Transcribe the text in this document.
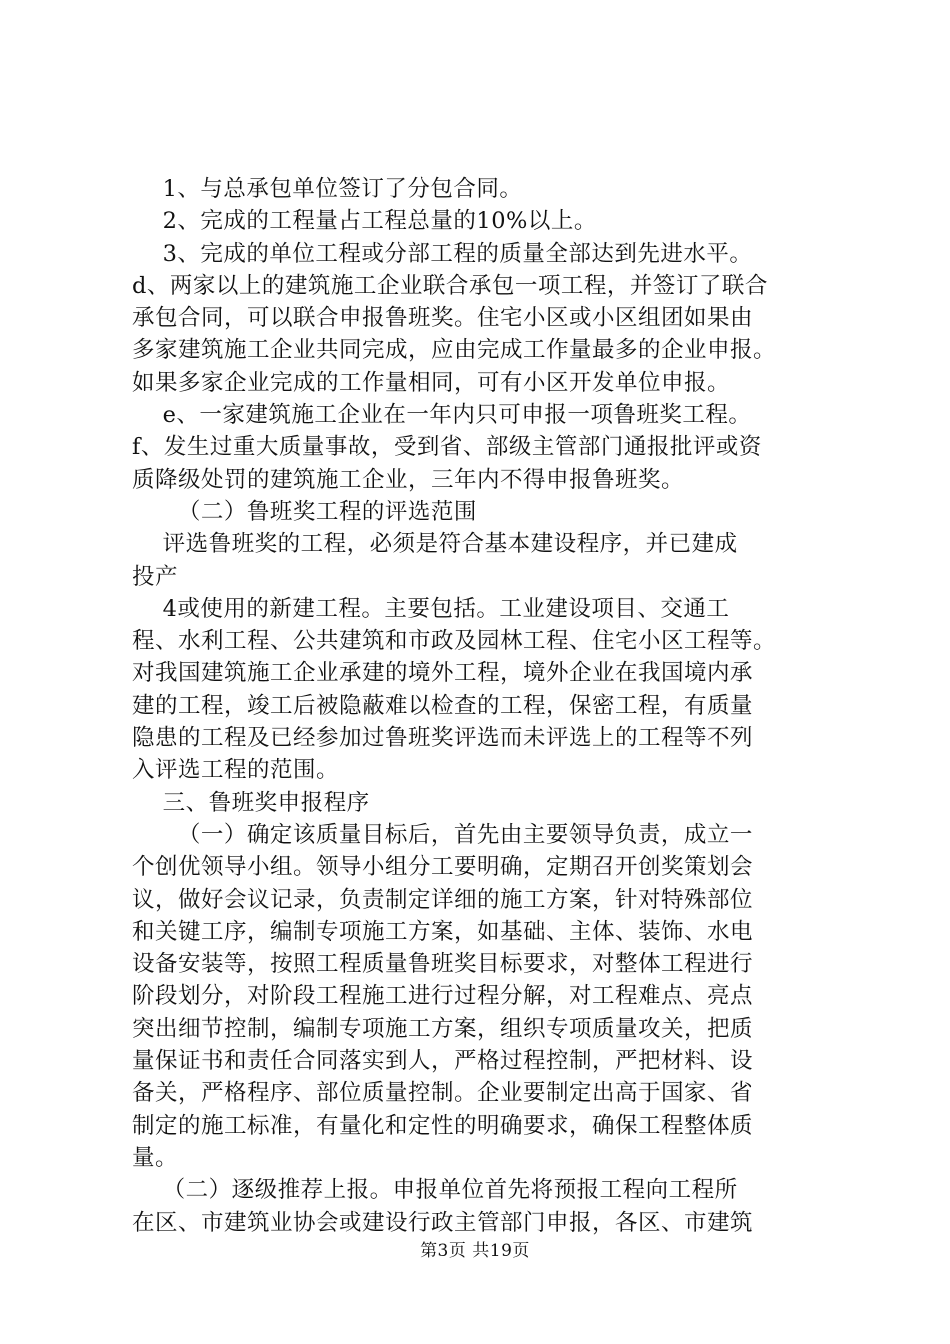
1、与总承包单位签订了分包合同。
2、完成的工程量占工程总量的10%以上。
3、完成的单位工程或分部工程的质量全部达到先进水平。
d、两家以上的建筑施工企业联合承包一项工程，并签订了联合
承包合同，可以联合申报鲁班奖。住宅小区或小区组团如果由
多家建筑施工企业共同完成，应由完成工作量最多的企业申报。
如果多家企业完成的工作量相同，可有小区开发单位申报。
e、一家建筑施工企业在一年内只可申报一项鲁班奖工程。
f、发生过重大质量事故，受到省、部级主管部门通报批评或资
质降级处罚的建筑施工企业，三年内不得申报鲁班奖。
（二）鲁班奖工程的评选范围
评选鲁班奖的工程，必须是符合基本建设程序，并已建成
投产
4或使用的新建工程。主要包括。工业建设项目、交通工
程、水利工程、公共建筑和市政及园林工程、住宅小区工程等。
对我国建筑施工企业承建的境外工程，境外企业在我国境内承
建的工程，竣工后被隐蔽难以检查的工程，保密工程，有质量
隐患的工程及已经参加过鲁班奖评选而未评选上的工程等不列
入评选工程的范围。
三、鲁班奖申报程序
（一）确定该质量目标后，首先由主要领导负责，成立一
个创优领导小组。领导小组分工要明确，定期召开创奖策划会
议，做好会议记录，负责制定详细的施工方案，针对特殊部位
和关键工序，编制专项施工方案，如基础、主体、装饰、水电
设备安装等，按照工程质量鲁班奖目标要求，对整体工程进行
阶段划分，对阶段工程施工进行过程分解，对工程难点、亮点
突出细节控制，编制专项施工方案，组织专项质量攻关，把质
量保证书和责任合同落实到人，严格过程控制，严把材料、设
备关，严格程序、部位质量控制。企业要制定出高于国家、省
制定的施工标准，有量化和定性的明确要求，确保工程整体质
量。
（二）逐级推荐上报。申报单位首先将预报工程向工程所
在区、市建筑业协会或建设行政主管部门申报，各区、市建筑
第3页 共19页
